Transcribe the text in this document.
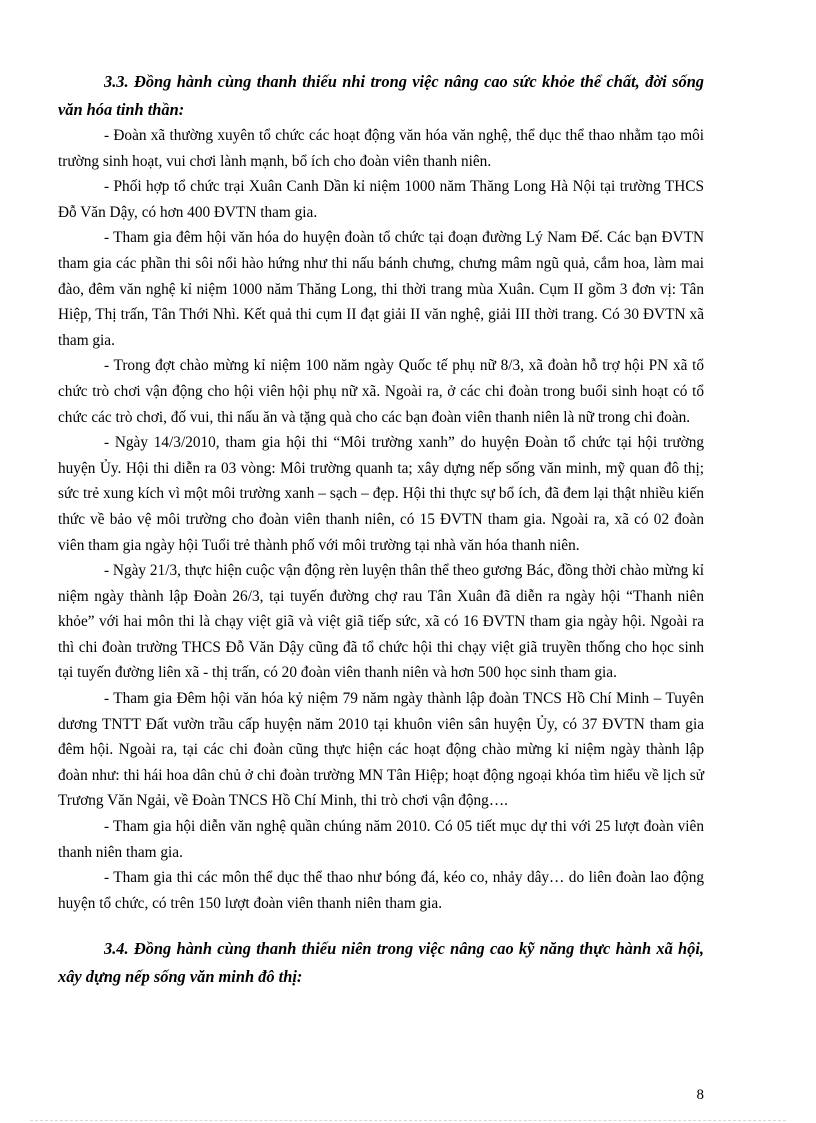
3.3. Đồng hành cùng thanh thiếu nhi trong việc nâng cao sức khỏe thể chất, đời sống văn hóa tinh thần:

- Đoàn xã thường xuyên tổ chức các hoạt động văn hóa văn nghệ, thể dục thể thao nhằm tạo môi trường sinh hoạt, vui chơi lành mạnh, bổ ích cho đoàn viên thanh niên.

- Phối hợp tổ chức trại Xuân Canh Dần kỉ niệm 1000 năm Thăng Long Hà Nội tại trường THCS Đỗ Văn Dậy, có hơn 400 ĐVTN tham gia.

- Tham gia đêm hội văn hóa do huyện đoàn tổ chức tại đoạn đường Lý Nam Đế. Các bạn ĐVTN tham gia các phần thi sôi nổi hào hứng như thi nấu bánh chưng, chưng mâm ngũ quả, cắm hoa, làm mai đào, đêm văn nghệ kỉ niệm 1000 năm Thăng Long, thi thời trang mùa Xuân. Cụm II gồm 3 đơn vị: Tân Hiệp, Thị trấn, Tân Thới Nhì. Kết quả thi cụm II đạt giải II văn nghệ, giải III thời trang. Có 30 ĐVTN xã tham gia.

- Trong đợt chào mừng kỉ niệm 100 năm ngày Quốc tế phụ nữ 8/3, xã đoàn hỗ trợ hội PN xã tổ chức trò chơi vận động cho hội viên hội phụ nữ xã. Ngoài ra, ở các chi đoàn trong buổi sinh hoạt có tổ chức các trò chơi, đố vui, thi nấu ăn và tặng quà cho các bạn đoàn viên thanh niên là nữ trong chi đoàn.

- Ngày 14/3/2010, tham gia hội thi “Môi trường xanh” do huyện Đoàn tổ chức tại hội trường huyện Ủy. Hội thi diễn ra 03 vòng: Môi trường quanh ta; xây dựng nếp sống văn minh, mỹ quan đô thị; sức trẻ xung kích vì một môi trường xanh – sạch – đẹp. Hội thi thực sự bổ ích, đã đem lại thật nhiều kiến thức về bảo vệ môi trường cho đoàn viên thanh niên, có 15 ĐVTN tham gia. Ngoài ra, xã có 02 đoàn viên tham gia ngày hội Tuổi trẻ thành phố với môi trường tại nhà văn hóa thanh niên.

- Ngày 21/3, thực hiện cuộc vận động rèn luyện thân thể theo gương Bác, đồng thời chào mừng kỉ niệm ngày thành lập Đoàn 26/3, tại tuyến đường chợ rau Tân Xuân đã diễn ra ngày hội “Thanh niên khỏe” với hai môn thi là chạy việt giã và việt giã tiếp sức, xã có 16 ĐVTN tham gia ngày hội. Ngoài ra thì chi đoàn trường THCS Đỗ Văn Dậy cũng đã tổ chức hội thi chạy việt giã truyền thống cho học sinh tại tuyến đường liên xã - thị trấn, có 20 đoàn viên thanh niên và hơn 500 học sinh tham gia.

- Tham gia Đêm hội văn hóa kỷ niệm 79 năm ngày thành lập đoàn TNCS Hồ Chí Minh – Tuyên dương TNTT Đất vườn trầu cấp huyện năm 2010 tại khuôn viên sân huyện Ủy, có 37 ĐVTN tham gia đêm hội. Ngoài ra, tại các chi đoàn cũng thực hiện các hoạt động chào mừng kỉ niệm ngày thành lập đoàn như: thi hái hoa dân chủ ở chi đoàn trường MN Tân Hiệp; hoạt động ngoại khóa tìm hiểu về lịch sử Trương Văn Ngải, về Đoàn TNCS Hồ Chí Minh, thi trò chơi vận động….

- Tham gia hội diễn văn nghệ quần chúng năm 2010. Có 05 tiết mục dự thi với 25 lượt đoàn viên thanh niên tham gia.

- Tham gia thi các môn thể dục thể thao như bóng đá, kéo co, nhảy dây… do liên đoàn lao động huyện tổ chức, có trên 150 lượt đoàn viên thanh niên tham gia.

3.4. Đồng hành cùng thanh thiếu niên trong việc nâng cao kỹ năng thực hành xã hội, xây dựng nếp sống văn minh đô thị:

8
